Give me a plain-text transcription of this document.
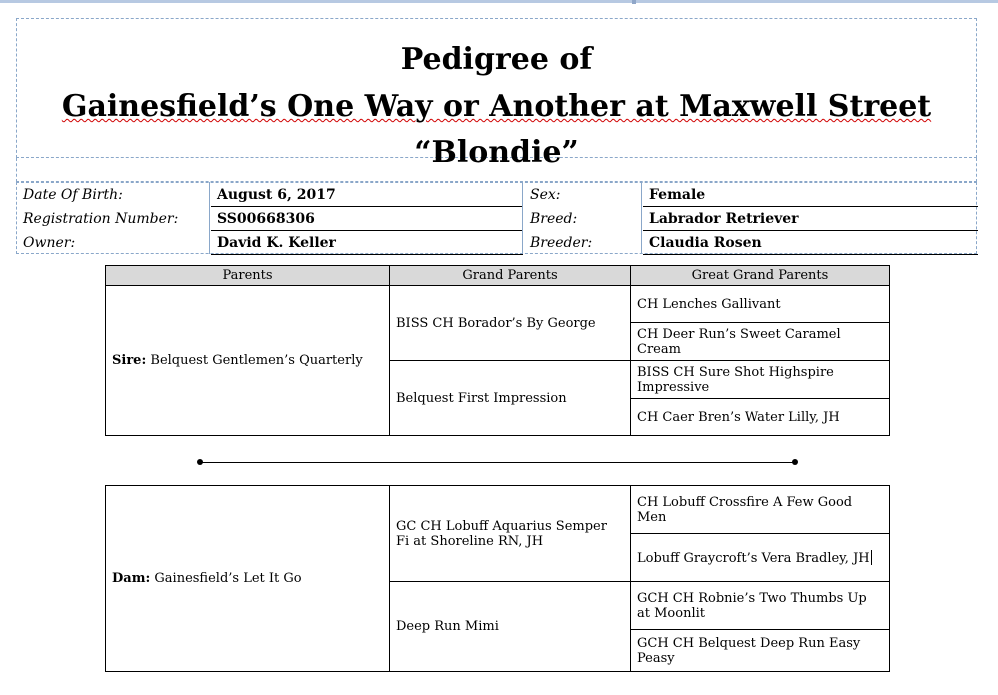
Pedigree of
Gainesfield’s One Way or Another at Maxwell Street
“Blondie”
Date Of Birth:	August 6, 2017	Sex:	Female
Registration Number:	SS00668306	Breed:	Labrador Retriever
Owner:	David K. Keller	Breeder:	Claudia Rosen
Parents	Grand Parents	Great Grand Parents
Sire: Belquest Gentlemen’s Quarterly	BISS CH Borador’s By George	CH Lenches Gallivant
		CH Deer Run’s Sweet Caramel Cream
	Belquest First Impression	BISS CH Sure Shot Highspire Impressive
		CH Caer Bren’s Water Lilly, JH
Dam: Gainesfield’s Let It Go	GC CH Lobuff Aquarius Semper Fi at Shoreline RN, JH	CH Lobuff Crossfire A Few Good Men
		Lobuff Graycroft’s Vera Bradley, JH
	Deep Run Mimi	GCH CH Robnie’s Two Thumbs Up at Moonlit
		GCH CH Belquest Deep Run Easy Peasy
